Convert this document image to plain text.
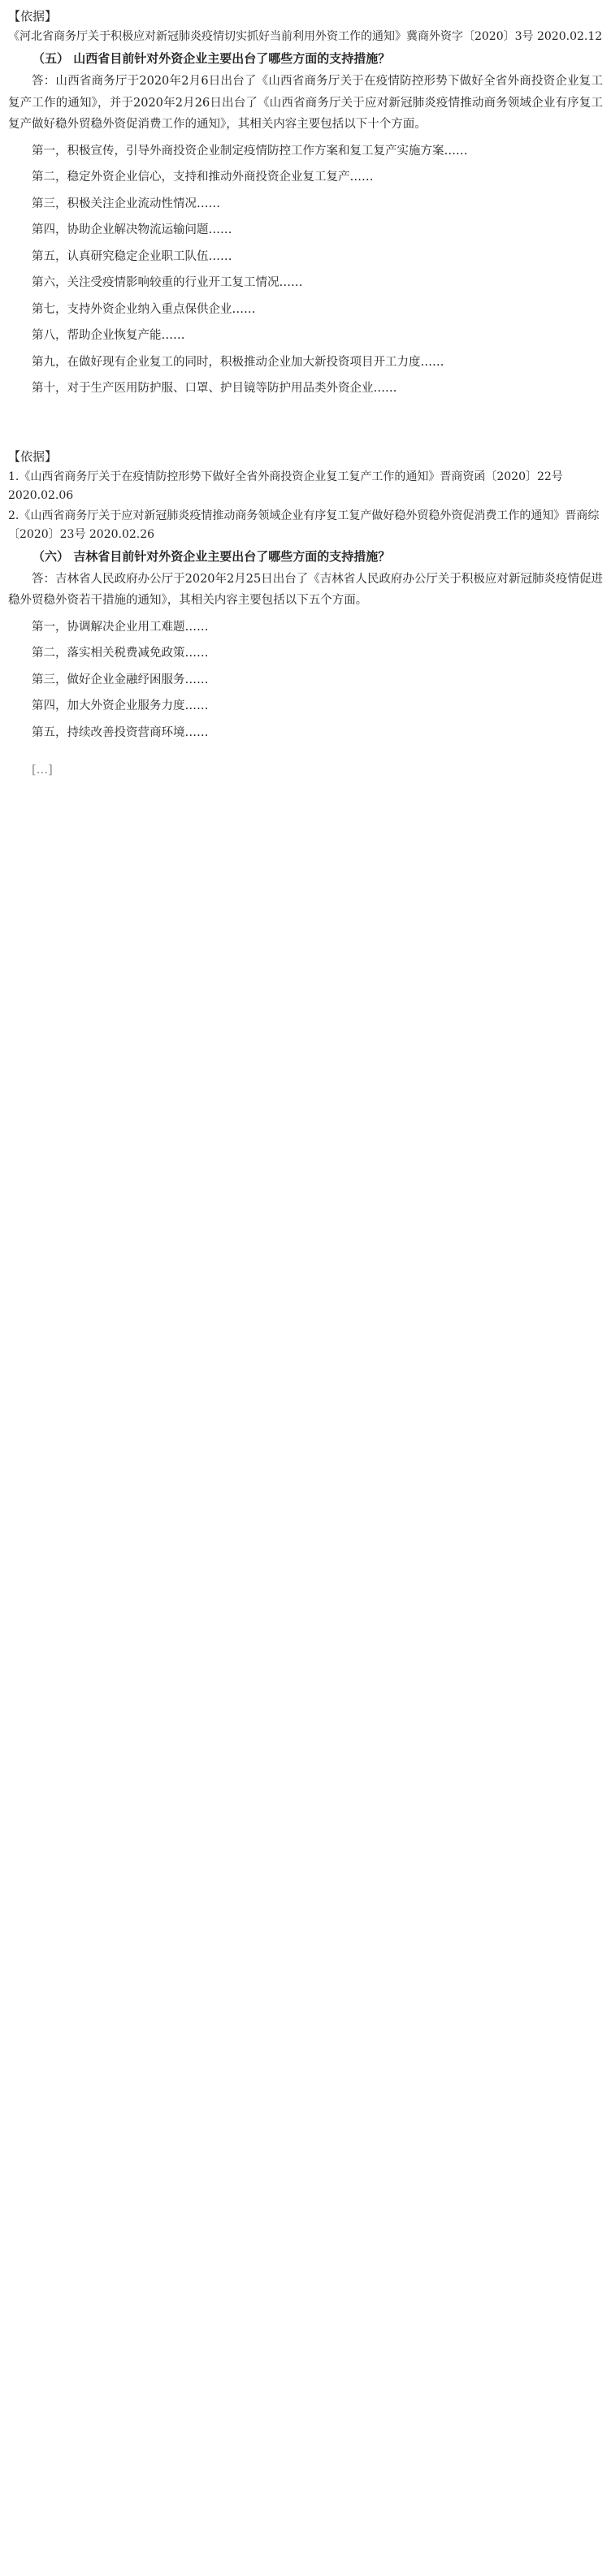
【依据】

《河北省商务厅关于积极应对新冠肺炎疫情切实抓好当前利用外资工作的通知》冀商外资字〔2020〕3号 2020.02.12

（五） 山西省目前针对外资企业主要出台了哪些方面的支持措施？

答：山西省商务厅于2020年2月6日出台了《山西省商务厅关于在疫情防控形势下做好全省外商投资企业复工复产工作的通知》，并于2020年2月26日出台了《山西省商务厅关于应对新冠肺炎疫情推动商务领域企业有序复工复产做好稳外贸稳外资促消费工作的通知》，其相关内容主要包括以下十个方面。

第一，积极宣传，引导外商投资企业制定疫情防控工作方案和复工复产实施方案……

第二，稳定外资企业信心，支持和推动外商投资企业复工复产……

第三，积极关注企业流动性情况……

第四，协助企业解决物流运输问题……

第五，认真研究稳定企业职工队伍……

第六，关注受疫情影响较重的行业开工复工情况……

第七，支持外资企业纳入重点保供企业……

第八，帮助企业恢复产能……

第九，在做好现有企业复工的同时，积极推动企业加大新投资项目开工力度……

第十，对于生产医用防护服、口罩、护目镜等防护用品类外资企业……

【依据】

1.《山西省商务厅关于在疫情防控形势下做好全省外商投资企业复工复产工作的通知》晋商资函〔2020〕22号 2020.02.06

2.《山西省商务厅关于应对新冠肺炎疫情推动商务领域企业有序复工复产做好稳外贸稳外资促消费工作的通知》晋商综〔2020〕23号 2020.02.26

（六） 吉林省目前针对外资企业主要出台了哪些方面的支持措施？

答：吉林省人民政府办公厅于2020年2月25日出台了《吉林省人民政府办公厅关于积极应对新冠肺炎疫情促进稳外贸稳外资若干措施的通知》，其相关内容主要包括以下五个方面。

第一，协调解决企业用工难题……

第二，落实相关税费减免政策……

第三，做好企业金融纾困服务……

第四，加大外资企业服务力度……

第五，持续改善投资营商环境……

[…]
